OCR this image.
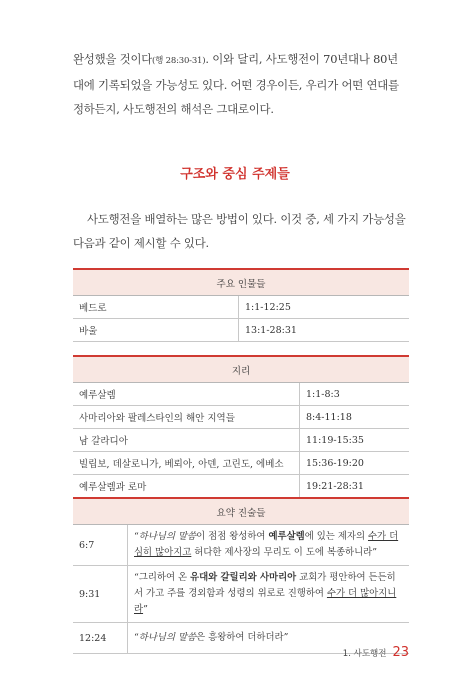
완성했을 것이다(행 28:30-31). 이와 달리, 사도행전이 70년대나 80년대에 기록되었을 가능성도 있다. 어떤 경우이든, 우리가 어떤 연대를 정하든지, 사도행전의 해석은 그대로이다.
구조와 중심 주제들
사도행전을 배열하는 많은 방법이 있다. 이것 중, 세 가지 가능성을 다음과 같이 제시할 수 있다.
주요 인물들	
베드로	1:1-12:25
바울	13:1-28:31
지리	
예루살렘	1:1-8:3
사마리아와 팔레스타인의 해안 지역들	8:4-11:18
남 갈라디아	11:19-15:35
빌립보, 데살로니가, 베뢰아, 아덴, 고린도, 에베소	15:36-19:20
예루살렘과 로마	19:21-28:31
요약 진술들	
6:7	“하나님의 말씀이 점점 왕성하여 예루살렘에 있는 제자의 수가 더 심히 많아지고 허다한 제사장의 무리도 이 도에 복종하니라”
9:31	“그리하여 온 유대와 갈릴리와 사마리아 교회가 평안하여 든든히 서 가고 주를 경외함과 성령의 위로로 진행하여 수가 더 많아지니라”
12:24	“하나님의 말씀은 흥왕하여 더하더라”
1. 사도행전 23
